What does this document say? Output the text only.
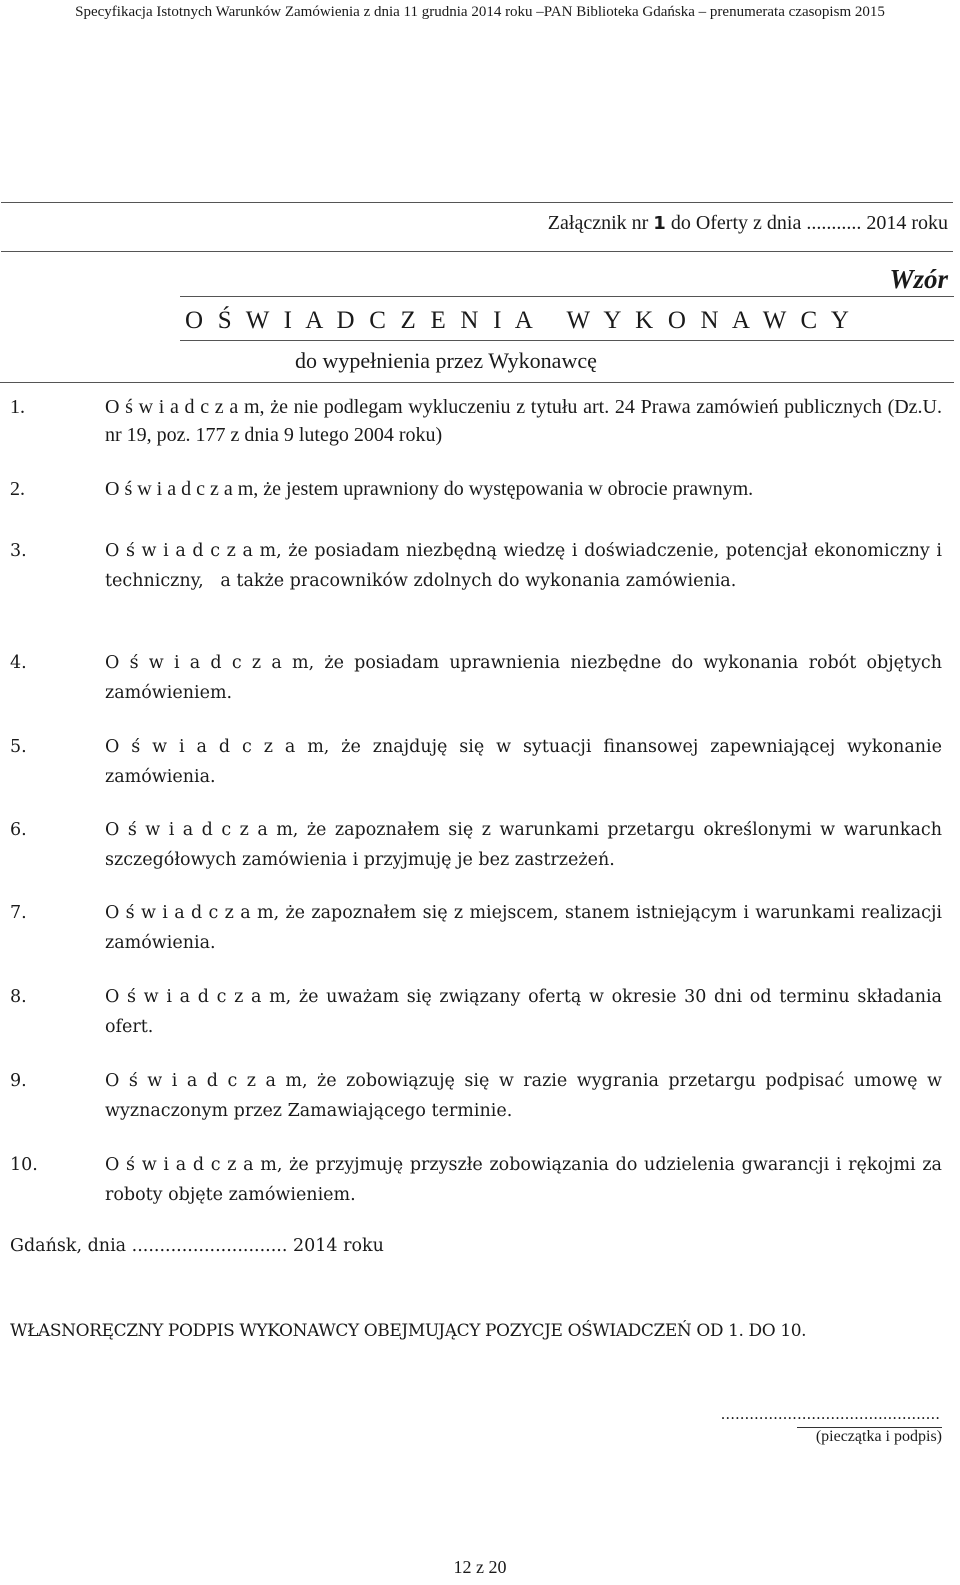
Specyfikacja Istotnych Warunków Zamówienia z dnia 11 grudnia 2014 roku –PAN Biblioteka Gdańska – prenumerata czasopism 2015
Załącznik nr 1 do Oferty z dnia ........... 2014 roku
Wzór
O Ś W I A D C Z E N I A   W Y K O N A W C Y
do wypełnienia przez Wykonawcę
1.	O ś w i a d c z a m, że nie podlegam wykluczeniu z tytułu art. 24 Prawa zamówień publicznych (Dz.U. nr 19, poz. 177 z dnia 9 lutego 2004 roku)
2.	O ś w i a d c z a m, że jestem uprawniony do występowania w obrocie prawnym.
3.	O ś w i a d c z a m, że posiadam niezbędną wiedzę i doświadczenie, potencjał ekonomiczny i techniczny,   a także pracowników zdolnych do wykonania zamówienia.
4.	O ś w i a d c z a m, że posiadam uprawnienia niezbędne do wykonania robót objętych zamówieniem.
5.	O ś w i a d c z a m, że znajduję się w sytuacji finansowej zapewniającej wykonanie zamówienia.
6.	O ś w i a d c z a m, że zapoznałem się z warunkami przetargu określonymi w warunkach szczegółowych zamówienia i przyjmuję je bez zastrzeżeń.
7.	O ś w i a d c z a m, że zapoznałem się z miejscem, stanem istniejącym i warunkami realizacji zamówienia.
8.	O ś w i a d c z a m, że uważam się związany ofertą w okresie 30 dni od terminu składania ofert.
9.	O ś w i a d c z a m, że zobowiązuję się w razie wygrania przetargu podpisać umowę w wyznaczonym przez Zamawiającego terminie.
10.	O ś w i a d c z a m, że przyjmuję przyszłe zobowiązania do udzielenia gwarancji i rękojmi za roboty objęte zamówieniem.
Gdańsk, dnia ............................ 2014 roku
WŁASNORĘCZNY PODPIS WYKONAWCY OBEJMUJĄCY POZYCJE OŚWIADCZEŃ OD 1. DO 10.
..............................................
(pieczątka i podpis)
12 z 20
